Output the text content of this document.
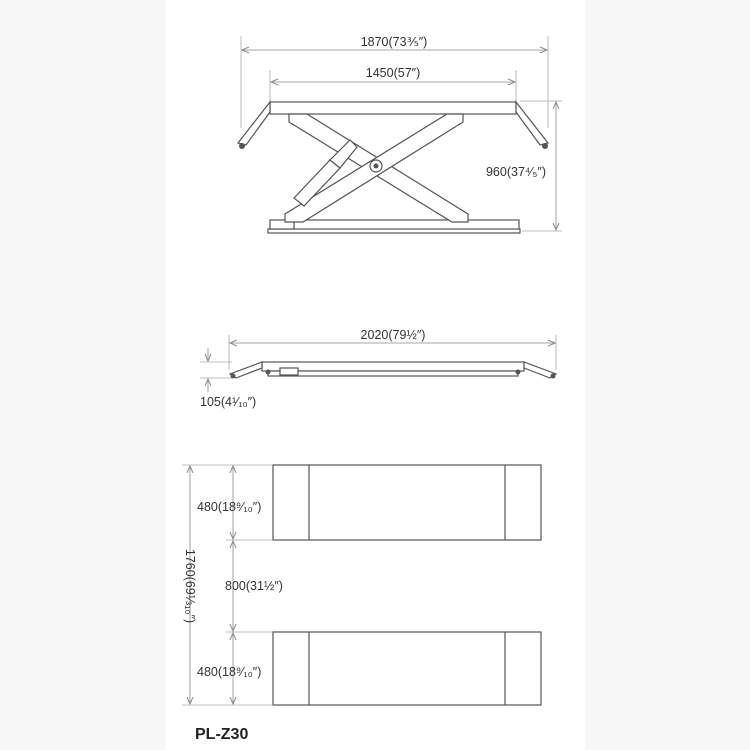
1870(73⅗″)
1450(57″)
960(37⁴⁄₅″)
2020(79½″)
105(4¹⁄₁₀″)
1760(69⅓₁₀″)
480(18⁹⁄₁₀″)
800(31½″)
480(18⁹⁄₁₀″)
PL-Z30
